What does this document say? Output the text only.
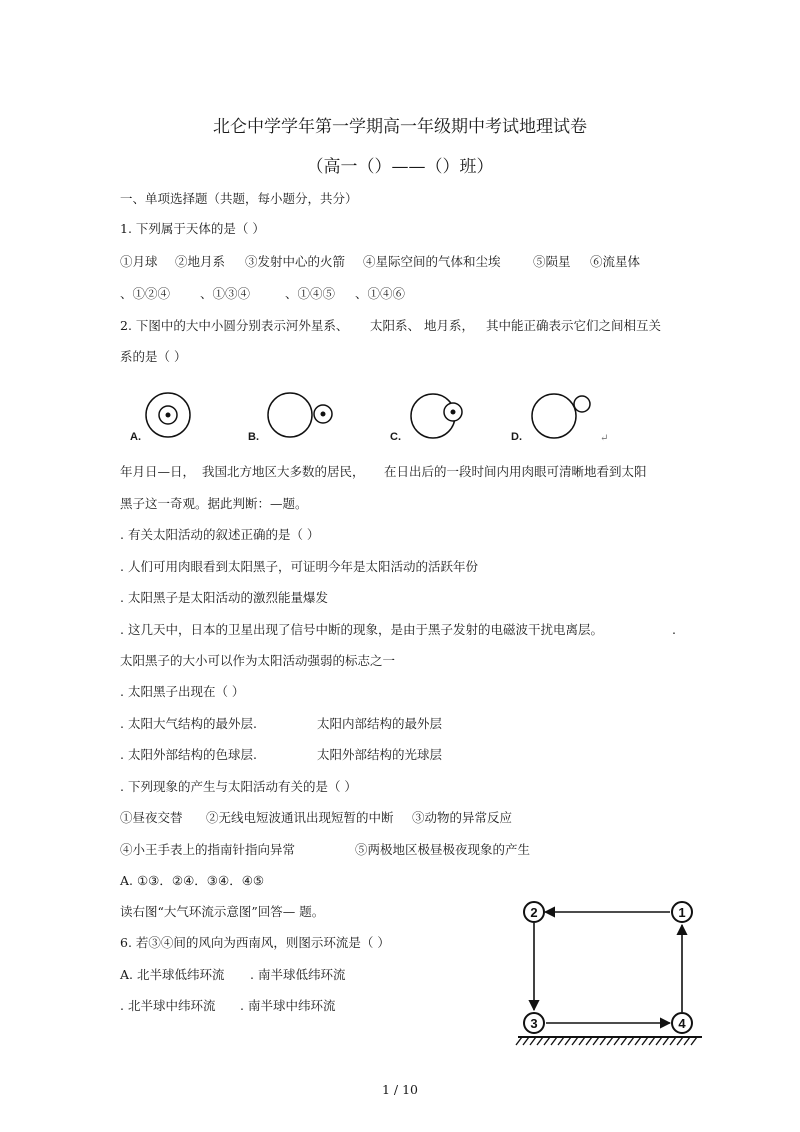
北仑中学学年第一学期高一年级期中考试地理试卷
（高一（）——（）班）
一、单项选择题（共题，每小题分，共分）
1. 下列属于天体的是（ ）
①月球 ②地月系 ③发射中心的火箭 ④星际空间的气体和尘埃	⑤陨星 ⑥流星体
、①②④ 、①③④	、①④⑤ 、①④⑥
2. 下图中的大中小圆分别表示河外星系、 太阳系、 地月系， 其中能正确表示它们之间相互关
系的是（ ）
A.	B.	C.	D.	↵
年月日—日， 我国北方地区大多数的居民， 在日出后的一段时间内用肉眼可清晰地看到太阳
黑子这一奇观。据此判断：—题。
. 有关太阳活动的叙述正确的是（ ）
. 人们可用肉眼看到太阳黑子，可证明今年是太阳活动的活跃年份
. 太阳黑子是太阳活动的激烈能量爆发
. 这几天中，日本的卫星出现了信号中断的现象，是由于黑子发射的电磁波干扰电离层。	.
太阳黑子的大小可以作为太阳活动强弱的标志之一
. 太阳黑子出现在（ ）
. 太阳大气结构的最外层.	太阳内部结构的最外层
. 太阳外部结构的色球层.	太阳外部结构的光球层
. 下列现象的产生与太阳活动有关的是（ ）
①昼夜交替 ②无线电短波通讯出现短暂的中断 ③动物的异常反应
④小王手表上的指南针指向异常	⑤两极地区极昼极夜现象的产生
A. ①③．②④．③④．④⑤
读右图“大气环流示意图”回答— 题。
6. 若③④间的风向为西南风，则图示环流是（ ）
A. 北半球低纬环流 . 南半球低纬环流
. 北半球中纬环流 . 南半球中纬环流
1
2
3	4
1 / 10
